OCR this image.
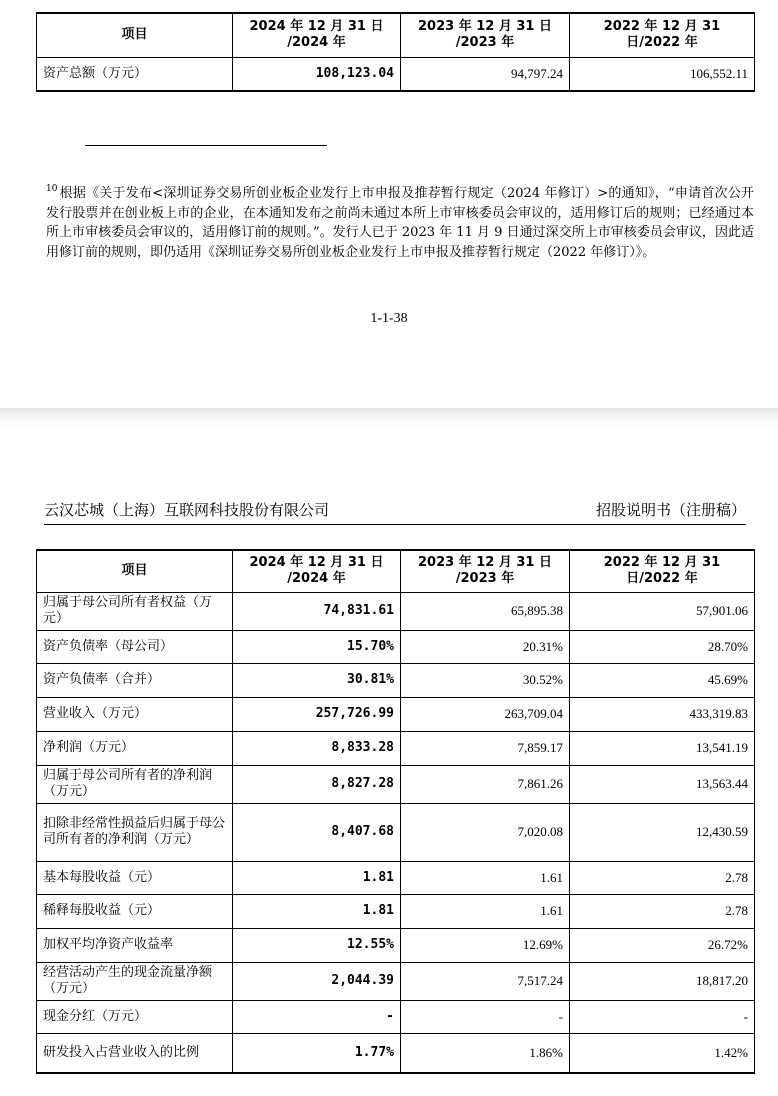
项目	2024 年 12 月 31 日 /2024 年	2023 年 12 月 31 日 /2023 年	2022 年 12 月 31 日/2022 年
资产总额（万元）	108,123.04	94,797.24	106,552.11
$^{10}$ 根据《关于发布<深圳证券交易所创业板企业发行上市申报及推荐暂行规定（2024 年修订）>的通知》，“申请首次公开发行股票并在创业板上市的企业，在本通知发布之前尚未通过本所上市审核委员会审议的，适用修订后的规则；已经通过本所上市审核委员会审议的，适用修订前的规则。”。发行人已于 2023 年 11 月 9 日通过深交所上市审核委员会审议，因此适用修订前的规则，即仍适用《深圳证券交易所创业板企业发行上市申报及推荐暂行规定（2022 年修订）》。
1-1-38
云汉芯城（上海）互联网科技股份有限公司	招股说明书（注册稿）
项目	2024 年 12 月 31 日 /2024 年	2023 年 12 月 31 日 /2023 年	2022 年 12 月 31 日/2022 年
归属于母公司所有者权益（万元）	74,831.61	65,895.38	57,901.06
资产负债率（母公司）	15.70%	20.31%	28.70%
资产负债率（合并）	30.81%	30.52%	45.69%
营业收入（万元）	257,726.99	263,709.04	433,319.83
净利润（万元）	8,833.28	7,859.17	13,541.19
归属于母公司所有者的净利润（万元）	8,827.28	7,861.26	13,563.44
扣除非经常性损益后归属于母公司所有者的净利润（万元）	8,407.68	7,020.08	12,430.59
基本每股收益（元）	1.81	1.61	2.78
稀释每股收益（元）	1.81	1.61	2.78
加权平均净资产收益率	12.55%	12.69%	26.72%
经营活动产生的现金流量净额（万元）	2,044.39	7,517.24	18,817.20
现金分红（万元）	-	-	-
研发投入占营业收入的比例	1.77%	1.86%	1.42%
